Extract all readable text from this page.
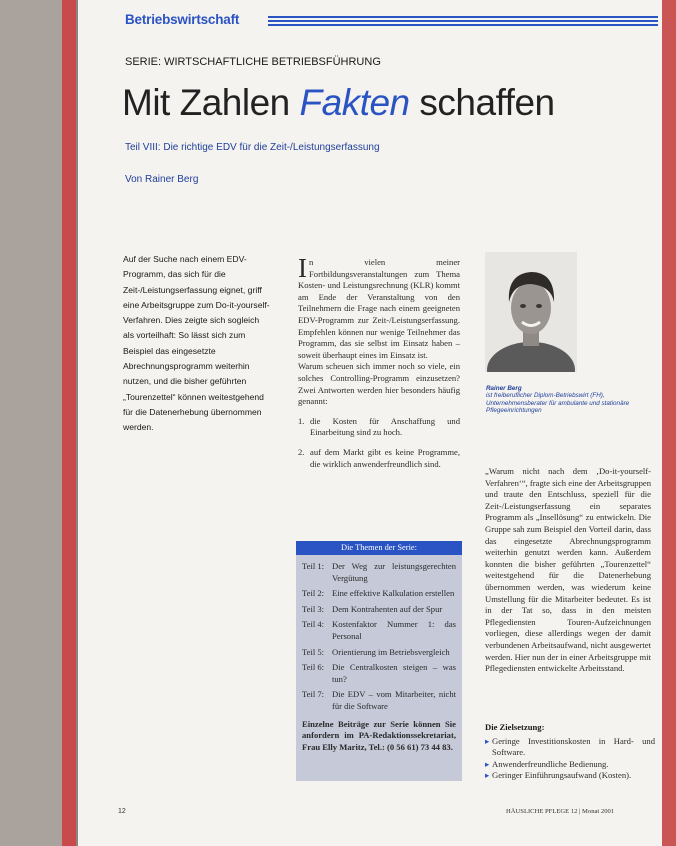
Betriebswirtschaft
SERIE: WIRTSCHAFTLICHE BETRIEBSFÜHRUNG
Mit Zahlen Fakten schaffen
Teil VIII: Die richtige EDV für die Zeit-/Leistungserfassung
Von Rainer Berg
Auf der Suche nach einem EDV-Programm, das sich für die Zeit-/Leistungserfassung eignet, griff eine Arbeitsgruppe zum Do-it-yourself-Verfahren. Dies zeigte sich sogleich als vorteilhaft: So lässt sich zum Beispiel das eingesetzte Abrechnungsprogramm weiterhin nutzen, und die bisher geführten „Tourenzettel“ können weitestgehend für die Datenerhebung übernommen werden.
In vielen meiner Fortbildungsveranstaltungen zum Thema Kosten- und Leistungsrechnung (KLR) kommt am Ende der Veranstaltung von den Teilnehmern die Frage nach einem geeigneten EDV-Programm zur Zeit-/Leistungserfassung. Empfehlen können nur wenige Teilnehmer das Programm, das sie selbst im Einsatz haben – soweit überhaupt eines im Einsatz ist.
Warum scheuen sich immer noch so viele, ein solches Controlling-Programm einzusetzen? Zwei Antworten werden hier besonders häufig genannt:
1. die Kosten für Anschaffung und Einarbeitung sind zu hoch.
2. auf dem Markt gibt es keine Programme, die wirklich anwenderfreundlich sind.
Rainer Berg
ist freiberuflicher Diplom-Betriebswirt (FH), Unternehmensberater für ambulante und stationäre Pflegeeinrichtungen
„Warum nicht nach dem ‚Do-it-yourself-Verfahren‘“, fragte sich eine der Arbeitsgruppen und traute den Entschluss, speziell für die Zeit-/Leistungserfassung ein separates Programm als „Insellösung“ zu entwickeln. Die Gruppe sah zum Beispiel den Vorteil darin, dass das eingesetzte Abrechnungsprogramm weiterhin genutzt werden kann. Außerdem konnten die bisher geführten „Tourenzettel“ weitestgehend für die Datenerhebung übernommen werden, was wiederum keine Umstellung für die Mitarbeiter bedeutet. Es ist in der Tat so, dass in den meisten Pflegediensten Touren-Aufzeichnungen vorliegen, diese allerdings wegen der damit verbundenen Arbeitsaufwand, nicht ausgewertet werden. Hier nun der in einer Arbeitsgruppe mit Pflegediensten entwickelte Arbeitsstand.
Die Themen der Serie:
Teil 1: Der Weg zur leistungsgerechten Vergütung
Teil 2: Eine effektive Kalkulation erstellen
Teil 3: Dem Kontrahenten auf der Spur
Teil 4: Kostenfaktor Nummer 1: das Personal
Teil 5: Orientierung im Betriebsvergleich
Teil 6: Die Centralkosten steigen – was tun?
Teil 7: Die EDV – vom Mitarbeiter, nicht für die Software
Einzelne Beiträge zur Serie können Sie anfordern im PA-Redaktionssekretariat, Frau Elly Maritz, Tel.: (0 56 61) 73 44 83.
Die Zielsetzung:
▸ Geringe Investitionskosten in Hard- und Software.
▸ Anwenderfreundliche Bedienung.
▸ Geringer Einführungsaufwand (Kosten).
12	HÄUSLICHE PFLEGE 12 | Monat 2001
